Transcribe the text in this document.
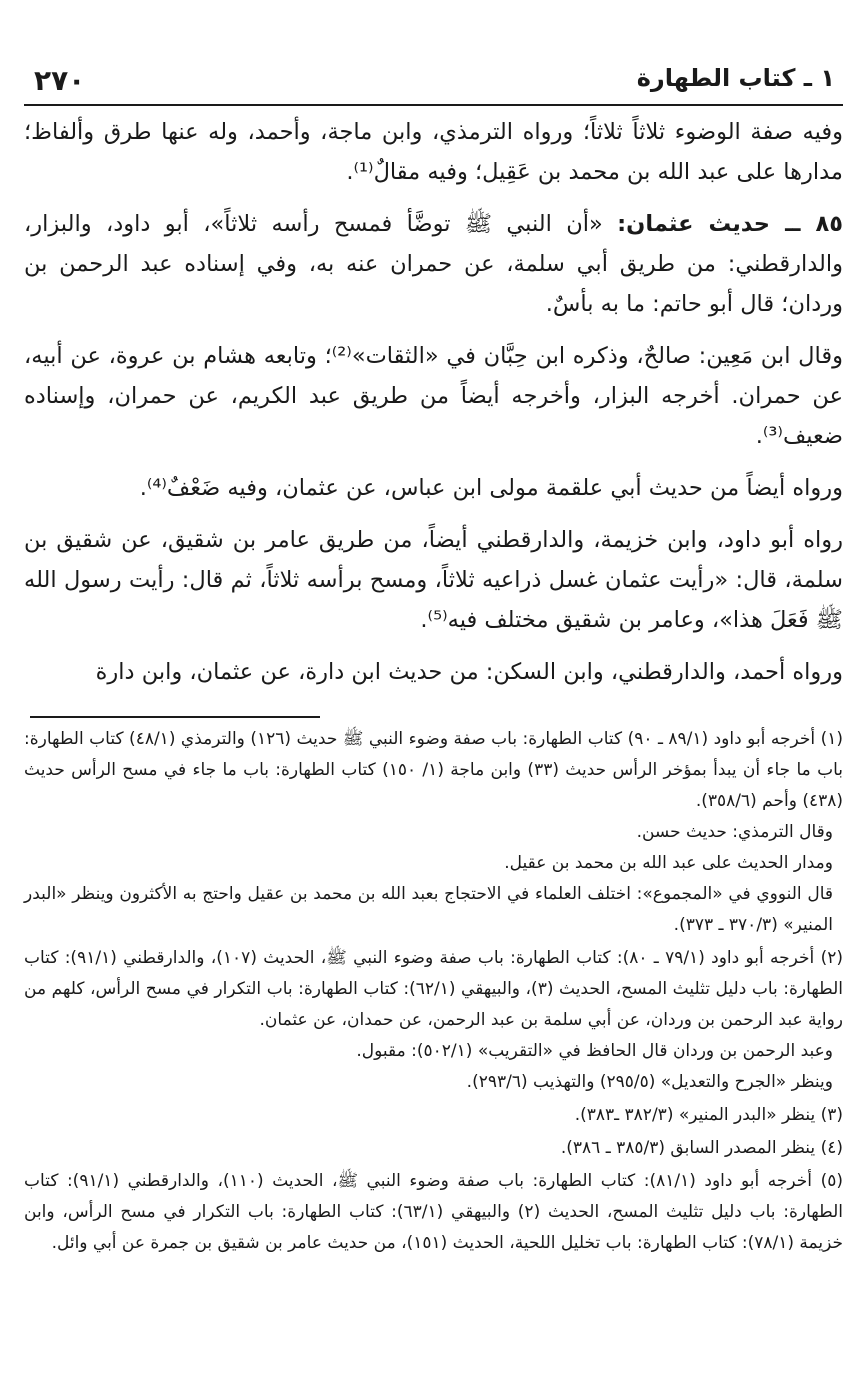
١ ـ كتاب الطهارة
٢٧٠

وفيه صفة الوضوء ثلاثاً ثلاثاً؛ ورواه الترمذي، وابن ماجة، وأحمد، وله عنها طرق وألفاظ؛ مدارها على عبد الله بن محمد بن عَقِيل؛ وفيه مقالٌ⁽¹⁾.

٨٥ ــ حديث عثمان: «أن النبي ﷺ توضَّأ فمسح رأسه ثلاثاً»، أبو داود، والبزار، والدارقطني: من طريق أبي سلمة، عن حمران عنه به، وفي إسناده عبد الرحمن بن وردان؛ قال أبو حاتم: ما به بأسٌ.

وقال ابن مَعِين: صالحٌ، وذكره ابن حِبَّان في «الثقات»⁽²⁾؛ وتابعه هشام بن عروة، عن أبيه، عن حمران. أخرجه البزار، وأخرجه أيضاً من طريق عبد الكريم، عن حمران، وإسناده ضعيف⁽³⁾.

ورواه أيضاً من حديث أبي علقمة مولى ابن عباس، عن عثمان، وفيه ضَعْفٌ⁽⁴⁾.

رواه أبو داود، وابن خزيمة، والدارقطني أيضاً، من طريق عامر بن شقيق، عن شقيق بن سلمة، قال: «رأيت عثمان غسل ذراعيه ثلاثاً، ومسح برأسه ثلاثاً، ثم قال: رأيت رسول الله ﷺ فَعَلَ هذا»، وعامر بن شقيق مختلف فيه⁽⁵⁾.

ورواه أحمد، والدارقطني، وابن السكن: من حديث ابن دارة، عن عثمان، وابن دارة

(١) أخرجه أبو داود (٨٩/١ ـ ٩٠) كتاب الطهارة: باب صفة وضوء النبي ﷺ حديث (١٢٦) والترمذي (٤٨/١) كتاب الطهارة: باب ما جاء أن يبدأ بمؤخر الرأس حديث (٣٣) وابن ماجة (١/ ١٥٠) كتاب الطهارة: باب ما جاء في مسح الرأس حديث (٤٣٨) وأحم (٣٥٨/٦).

وقال الترمذي: حديث حسن.

ومدار الحديث على عبد الله بن محمد بن عقيل.

قال النووي في «المجموع»: اختلف العلماء في الاحتجاج بعبد الله بن محمد بن عقيل واحتج به الأكثرون وينظر «البدر المنير» (٣٧٠/٣ ـ ٣٧٣).

(٢) أخرجه أبو داود (٧٩/١ ـ ٨٠): كتاب الطهارة: باب صفة وضوء النبي ﷺ، الحديث (١٠٧)، والدارقطني (٩١/١): كتاب الطهارة: باب دليل تثليث المسح، الحديث (٣)، والبيهقي (٦٢/١): كتاب الطهارة: باب التكرار في مسح الرأس، كلهم من رواية عبد الرحمن بن وردان، عن أبي سلمة بن عبد الرحمن، عن حمدان، عن عثمان.

وعبد الرحمن بن وردان قال الحافظ في «التقريب» (٥٠٢/١): مقبول.

وينظر «الجرح والتعديل» (٢٩٥/٥) والتهذيب (٢٩٣/٦).

(٣) ينظر «البدر المنير» (٣٨٢/٣ ـ٣٨٣).

(٤) ينظر المصدر السابق (٣٨٥/٣ ـ ٣٨٦).

(٥) أخرجه أبو داود (٨١/١): كتاب الطهارة: باب صفة وضوء النبي ﷺ، الحديث (١١٠)، والدارقطني (٩١/١): كتاب الطهارة: باب دليل تثليث المسح، الحديث (٢) والبيهقي (٦٣/١): كتاب الطهارة: باب التكرار في مسح الرأس، وابن خزيمة (٧٨/١): كتاب الطهارة: باب تخليل اللحية، الحديث (١٥١)، من حديث عامر بن شقيق بن جمرة عن أبي وائل.
